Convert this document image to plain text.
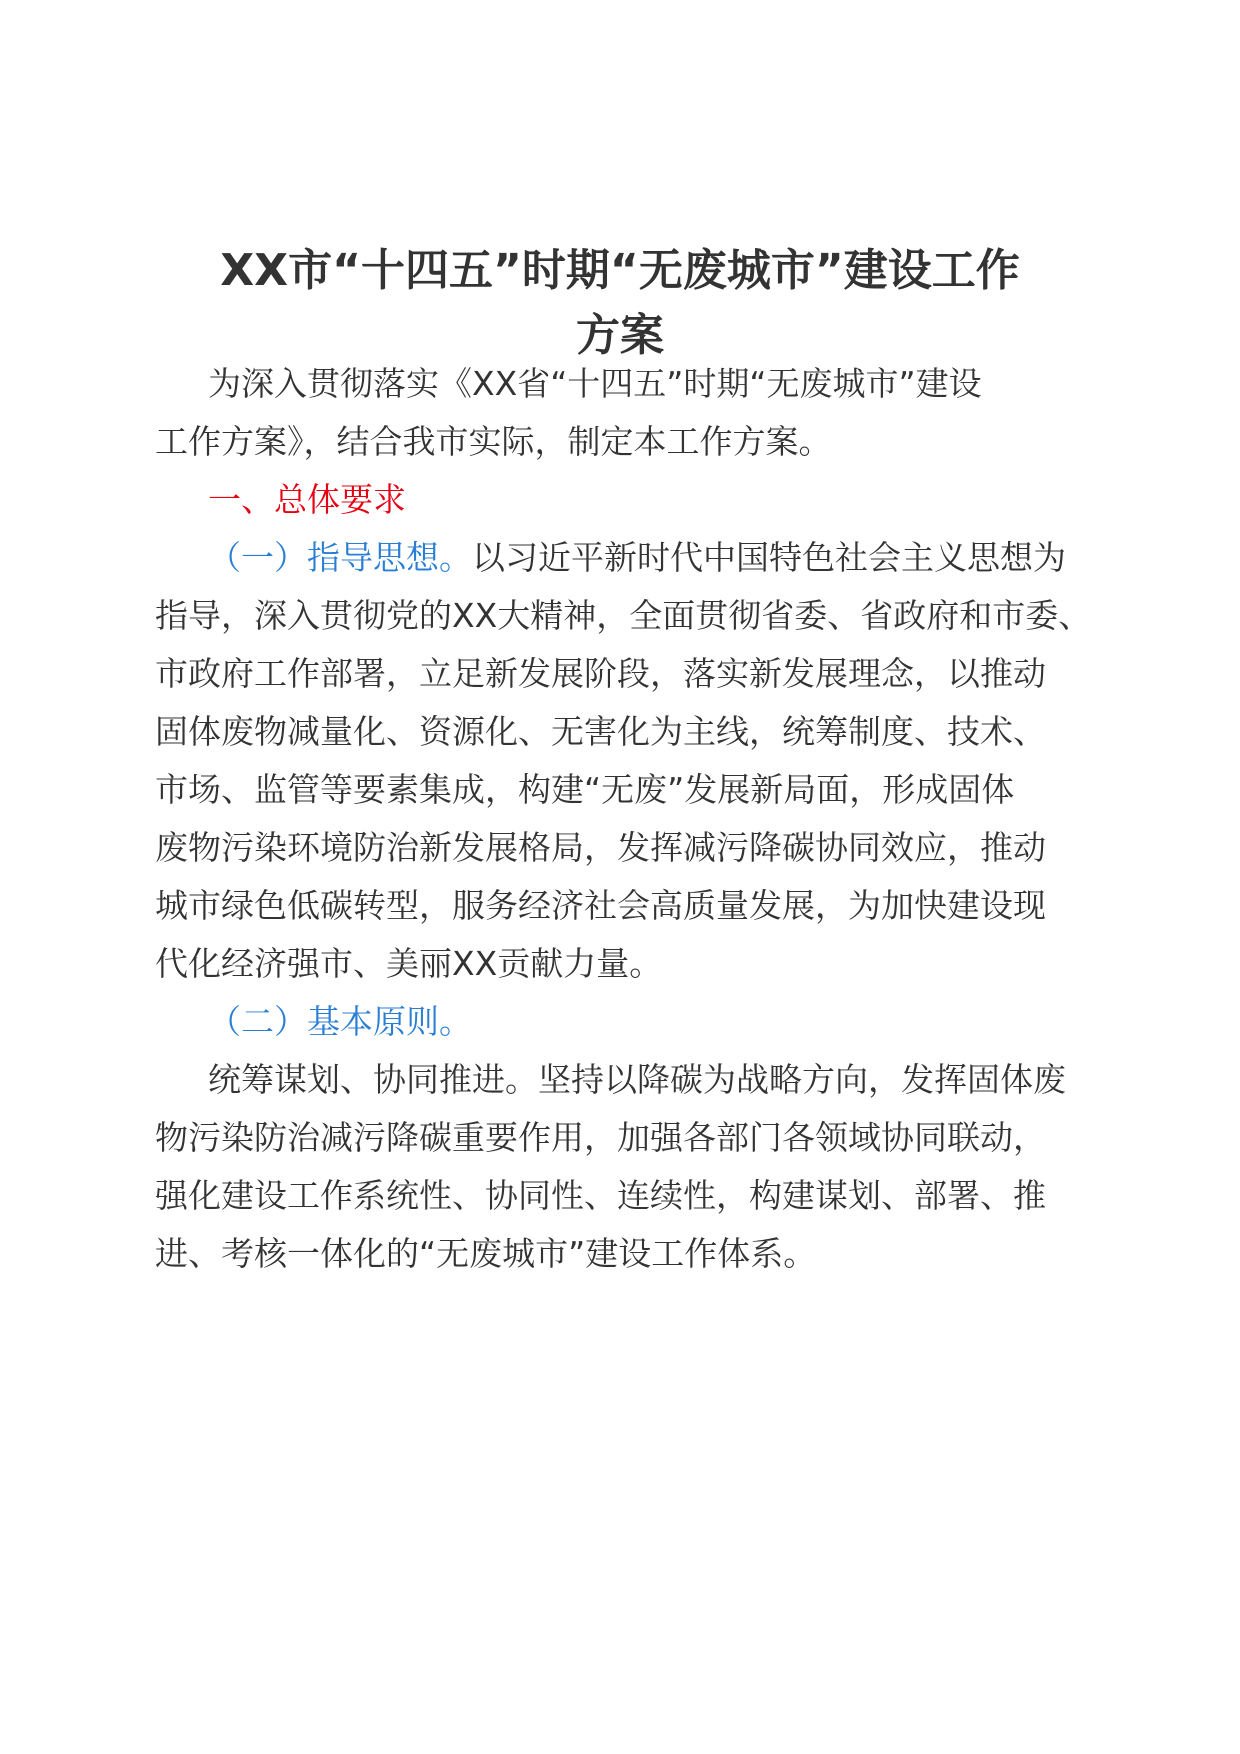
XX市“十四五”时期“无废城市”建设工作
方案
为深入贯彻落实《XX省“十四五”时期“无废城市”建设
工作方案》，结合我市实际，制定本工作方案。
一、总体要求
（一）指导思想。以习近平新时代中国特色社会主义思想为
指导，深入贯彻党的XX大精神，全面贯彻省委、省政府和市委、
市政府工作部署，立足新发展阶段，落实新发展理念，以推动
固体废物减量化、资源化、无害化为主线，统筹制度、技术、
市场、监管等要素集成，构建“无废”发展新局面，形成固体
废物污染环境防治新发展格局，发挥减污降碳协同效应，推动
城市绿色低碳转型，服务经济社会高质量发展，为加快建设现
代化经济强市、美丽XX贡献力量。
（二）基本原则。
统筹谋划、协同推进。坚持以降碳为战略方向，发挥固体废
物污染防治减污降碳重要作用，加强各部门各领域协同联动，
强化建设工作系统性、协同性、连续性，构建谋划、部署、推
进、考核一体化的“无废城市”建设工作体系。
